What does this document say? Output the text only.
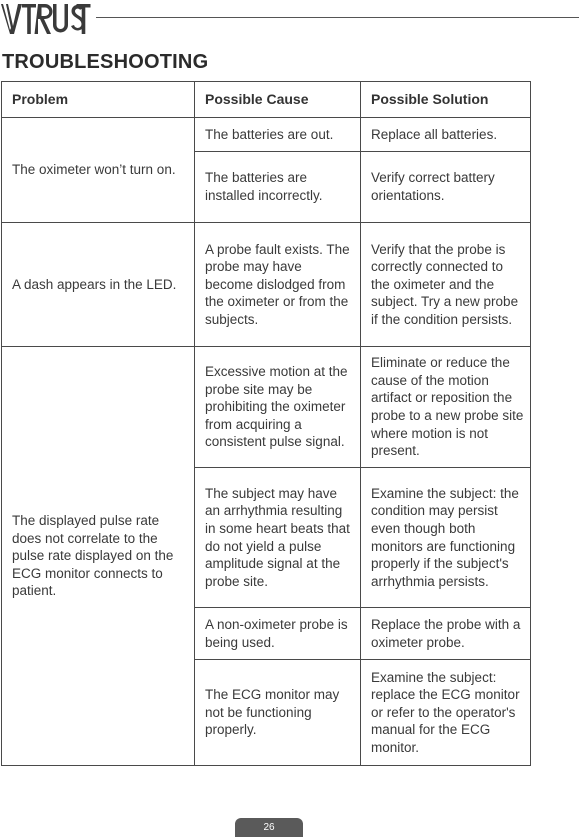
TROUBLESHOOTING
Problem	Possible Cause	Possible Solution
The oximeter won’t turn on.	The batteries are out.	Replace all batteries.
	The batteries are installed incorrectly.	Verify correct battery orientations.
A dash appears in the LED.	A probe fault exists. The probe may have become dislodged from the oximeter or from the subjects.	Verify that the probe is correctly connected to the oximeter and the subject. Try a new probe if the condition persists.
The displayed pulse rate does not correlate to the pulse rate displayed on the ECG monitor connects to patient.	Excessive motion at the probe site may be prohibiting the oximeter from acquiring a consistent pulse signal.	Eliminate or reduce the cause of the motion artifact or reposition the probe to a new probe site where motion is not present.
	The subject may have an arrhythmia resulting in some heart beats that do not yield a pulse amplitude signal at the probe site.	Examine the subject: the condition may persist even though both monitors are functioning properly if the subject's arrhythmia persists.
	A non-oximeter probe is being used.	Replace the probe with a oximeter probe.
	The ECG monitor may not be functioning properly.	Examine the subject: replace the ECG monitor or refer to the operator's manual for the ECG monitor.
26
